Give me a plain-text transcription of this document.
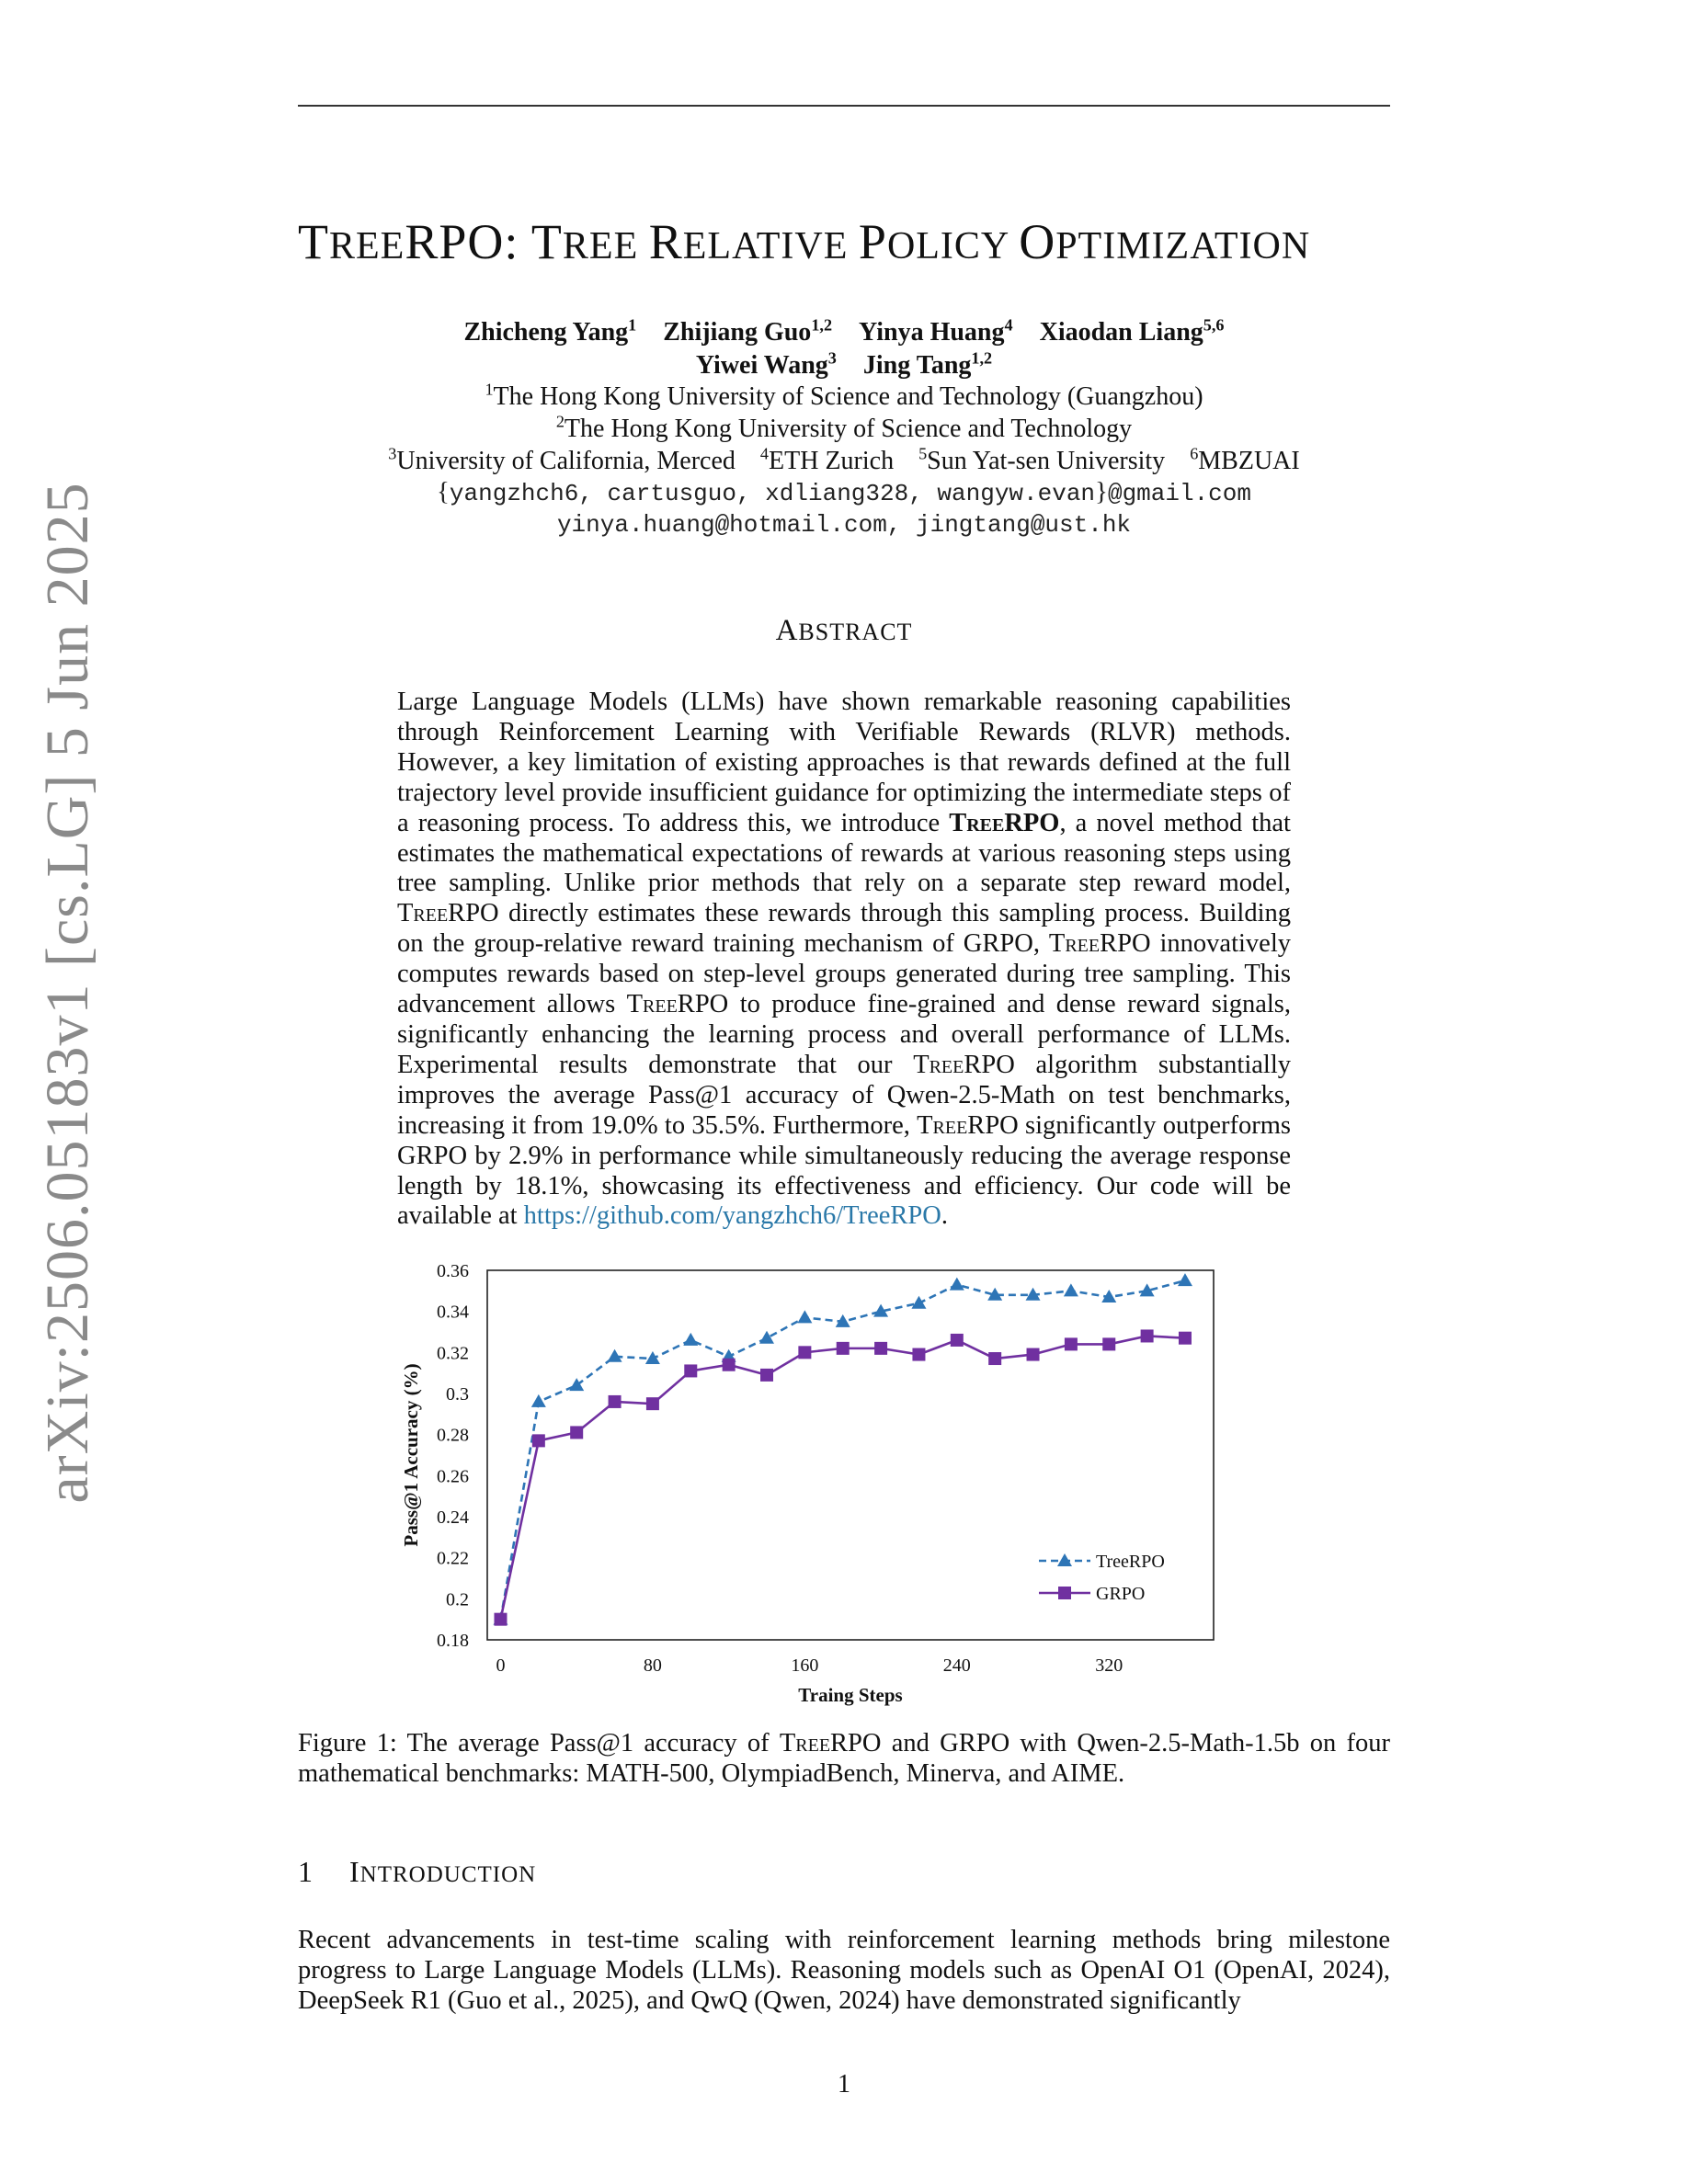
arXiv:2506.05183v1 [cs.LG] 5 Jun 2025
TREERPO: TREE RELATIVE POLICY OPTIMIZATION
Zhicheng Yang$^1$ Zhijiang Guo$^{1,2}$ Yinya Huang$^4$ Xiaodan Liang$^{5,6}$
Yiwei Wang$^3$ Jing Tang$^{1,2}$
$^1$The Hong Kong University of Science and Technology (Guangzhou)
$^2$The Hong Kong University of Science and Technology
$^3$University of California, Merced $^4$ETH Zurich $^5$Sun Yat-sen University $^6$MBZUAI
{yangzhch6, cartusguo, xdliang328, wangyw.evan}@gmail.com
yinya.huang@hotmail.com, jingtang@ust.hk
ABSTRACT
Large Language Models (LLMs) have shown remarkable reasoning capabilities through Reinforcement Learning with Verifiable Rewards (RLVR) methods. However, a key limitation of existing approaches is that rewards defined at the full trajectory level provide insufficient guidance for optimizing the intermediate steps of a reasoning process. To address this, we introduce TreeRPO, a novel method that estimates the mathematical expectations of rewards at various reasoning steps using tree sampling. Unlike prior methods that rely on a separate step reward model, TreeRPO directly estimates these rewards through this sampling process. Building on the group-relative reward training mechanism of GRPO, TreeRPO innovatively computes rewards based on step-level groups generated during tree sampling. This advancement allows TreeRPO to produce fine-grained and dense reward signals, significantly enhancing the learning process and overall performance of LLMs. Experimental results demonstrate that our TreeRPO algorithm substantially improves the average Pass@1 accuracy of Qwen-2.5-Math on test benchmarks, increasing it from 19.0% to 35.5%. Furthermore, TreeRPO significantly outperforms GRPO by 2.9% in performance while simultaneously reducing the average response length by 18.1%, showcasing its effectiveness and efficiency. Our code will be available at https://github.com/yangzhch6/TreeRPO.
0.18
0.2
0.22
0.24
0.26
0.28
0.3
0.32
0.34
0.36
0	80	160	240	320
Traing Steps
Pass@1 Accuracy (%)
TreeRPO
GRPO
Figure 1: The average Pass@1 accuracy of TreeRPO and GRPO with Qwen-2.5-Math-1.5b on four mathematical benchmarks: MATH-500, OlympiadBench, Minerva, and AIME.
1 INTRODUCTION
Recent advancements in test-time scaling with reinforcement learning methods bring milestone progress to Large Language Models (LLMs). Reasoning models such as OpenAI O1 (OpenAI, 2024), DeepSeek R1 (Guo et al., 2025), and QwQ (Qwen, 2024) have demonstrated significantly
1
